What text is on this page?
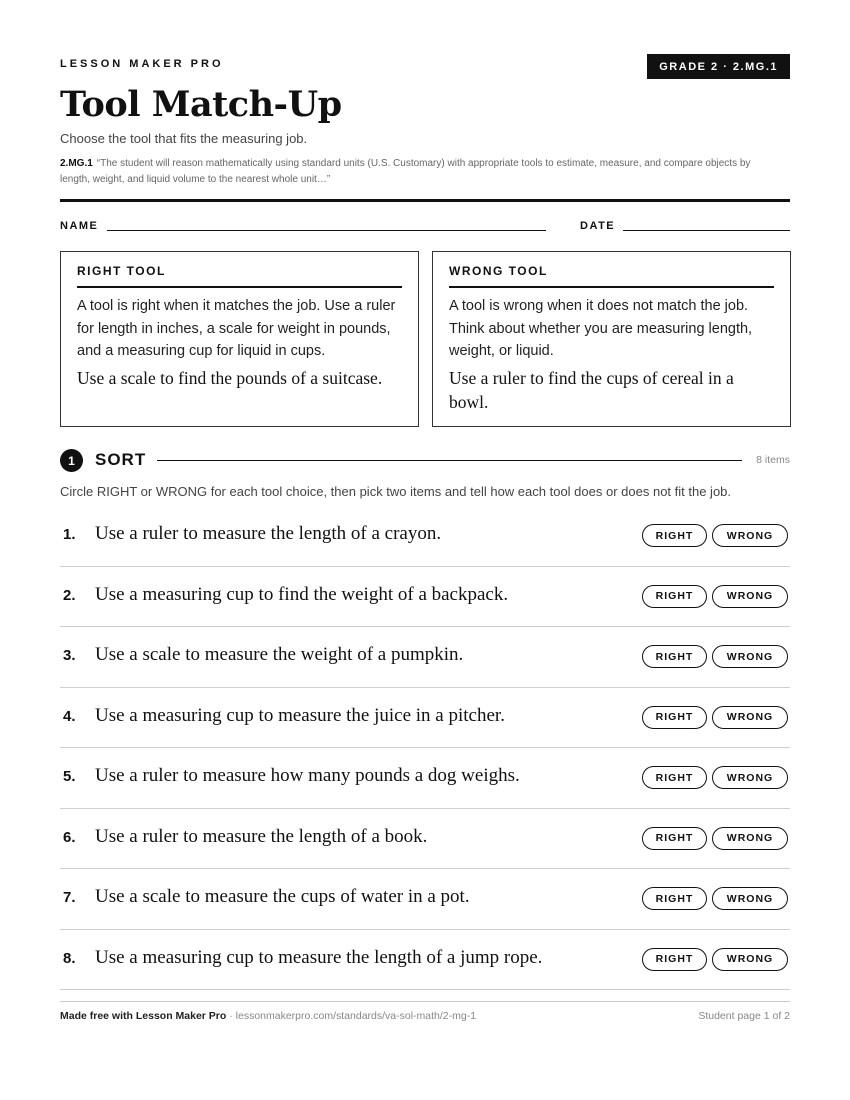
LESSON MAKER PRO	GRADE 2 · 2.MG.1
Tool Match-Up
Choose the tool that fits the measuring job.
2.MG.1 “The student will reason mathematically using standard units (U.S. Customary) with appropriate tools to estimate, measure, and compare objects by length, weight, and liquid volume to the nearest whole unit…”
NAME	DATE
RIGHT TOOL
A tool is right when it matches the job. Use a ruler for length in inches, a scale for weight in pounds, and a measuring cup for liquid in cups.
Use a scale to find the pounds of a suitcase.
WRONG TOOL
A tool is wrong when it does not match the job. Think about whether you are measuring length, weight, or liquid.
Use a ruler to find the cups of cereal in a bowl.
1	SORT	8 items
Circle RIGHT or WRONG for each tool choice, then pick two items and tell how each tool does or does not fit the job.
1. Use a ruler to measure the length of a crayon.	RIGHT	WRONG
2. Use a measuring cup to find the weight of a backpack.	RIGHT	WRONG
3. Use a scale to measure the weight of a pumpkin.	RIGHT	WRONG
4. Use a measuring cup to measure the juice in a pitcher.	RIGHT	WRONG
5. Use a ruler to measure how many pounds a dog weighs.	RIGHT	WRONG
6. Use a ruler to measure the length of a book.	RIGHT	WRONG
7. Use a scale to measure the cups of water in a pot.	RIGHT	WRONG
8. Use a measuring cup to measure the length of a jump rope.	RIGHT	WRONG
Made free with Lesson Maker Pro · lessonmakerpro.com/standards/va-sol-math/2-mg-1	Student page 1 of 2
